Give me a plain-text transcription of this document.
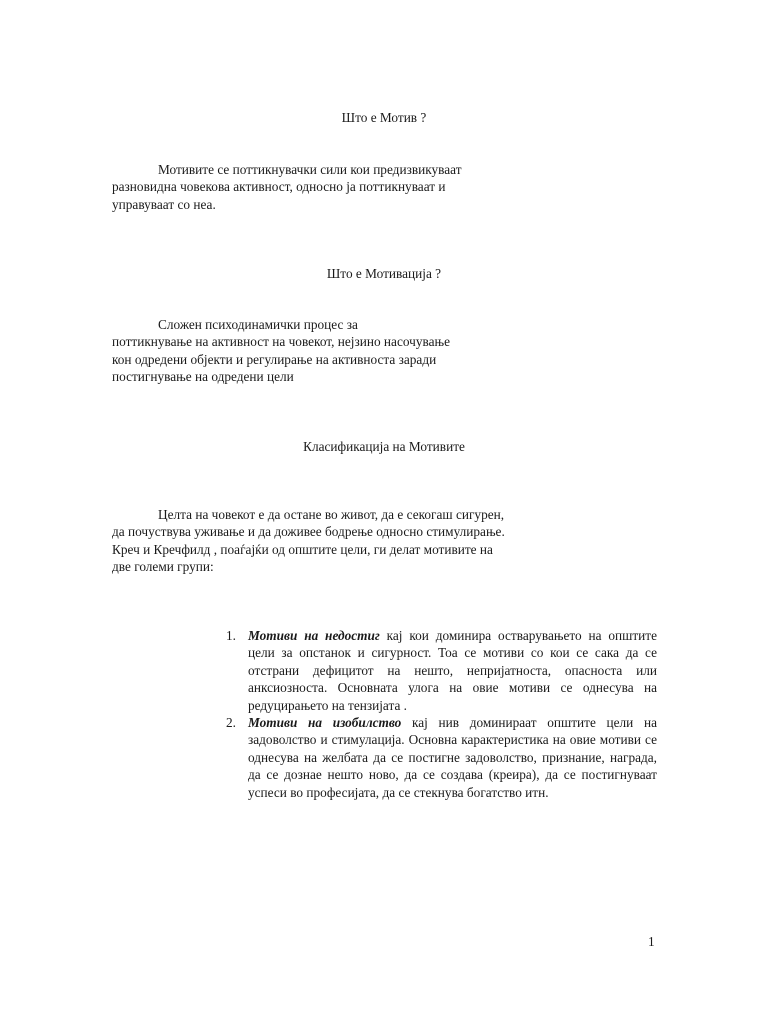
Што е Мотив ?

Мотивите се поттикнувачки сили кои предизвикуваат
разновидна човекова активност, односно ја поттикнуваат и
управуваат со неа.

Што е Мотивација ?

Сложен психодинамички процес за
поттикнување на активност на човекот, нејзино насочување
кон одредени објекти и регулирање на активноста заради
постигнување на одредени цели

Класификација на Мотивите

Целта на човекот е да остане во живот, да е секогаш сигурен,
да почуствува уживање и да доживее бодрење односно стимулирање.
Креч и Кречфилд , поаѓајќи од општите цели, ги делат мотивите на
две големи групи:

1. Мотиви на недостиг кај кои доминира остварувањето на општите цели за опстанок и сигурност. Тоа се мотиви со кои се сака да се отстрани дефицитот на нешто, непријатноста, опасноста или анксиозноста. Основната улога на овие мотиви се однесува на редуцирањето на тензијата .
2. Мотиви на изобилство кај нив доминираат општите цели на задоволство и стимулација. Основна карактеристика на овие мотиви се однесува на желбата да се постигне задоволство, признание, награда, да се дознае нешто ново, да се создава (креира), да се постигнуваат успеси во професијата, да се стекнува богатство итн.
1
